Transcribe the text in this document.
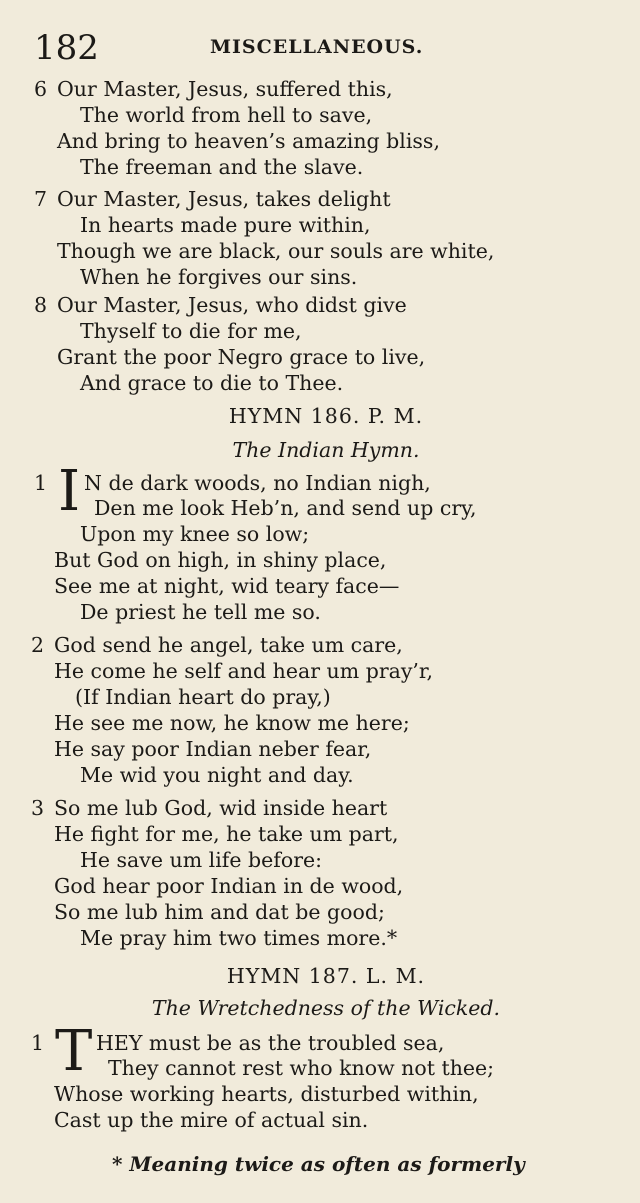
182	MISCELLANEOUS.
6 Our Master, Jesus, suffered this,
The world from hell to save,
And bring to heaven’s amazing bliss,
The freeman and the slave.
7 Our Master, Jesus, takes delight
In hearts made pure within,
Though we are black, our souls are white,
When he forgives our sins.
8 Our Master, Jesus, who didst give
Thyself to die for me,
Grant the poor Negro grace to live,
And grace to die to Thee.
HYMN 186. P. M.
The Indian Hymn.
1 I N de dark woods, no Indian nigh,
Den me look Heb’n, and send up cry,
Upon my knee so low;
But God on high, in shiny place,
See me at night, wid teary face—
De priest he tell me so.
2 God send he angel, take um care,
He come he self and hear um pray’r,
(If Indian heart do pray,)
He see me now, he know me here;
He say poor Indian neber fear,
Me wid you night and day.
3 So me lub God, wid inside heart
He fight for me, he take um part,
He save um life before:
God hear poor Indian in de wood,
So me lub him and dat be good;
Me pray him two times more.*
HYMN 187. L. M.
The Wretchedness of the Wicked.
1 T HEY must be as the troubled sea,
They cannot rest who know not thee;
Whose working hearts, disturbed within,
Cast up the mire of actual sin.
* Meaning twice as often as formerly
